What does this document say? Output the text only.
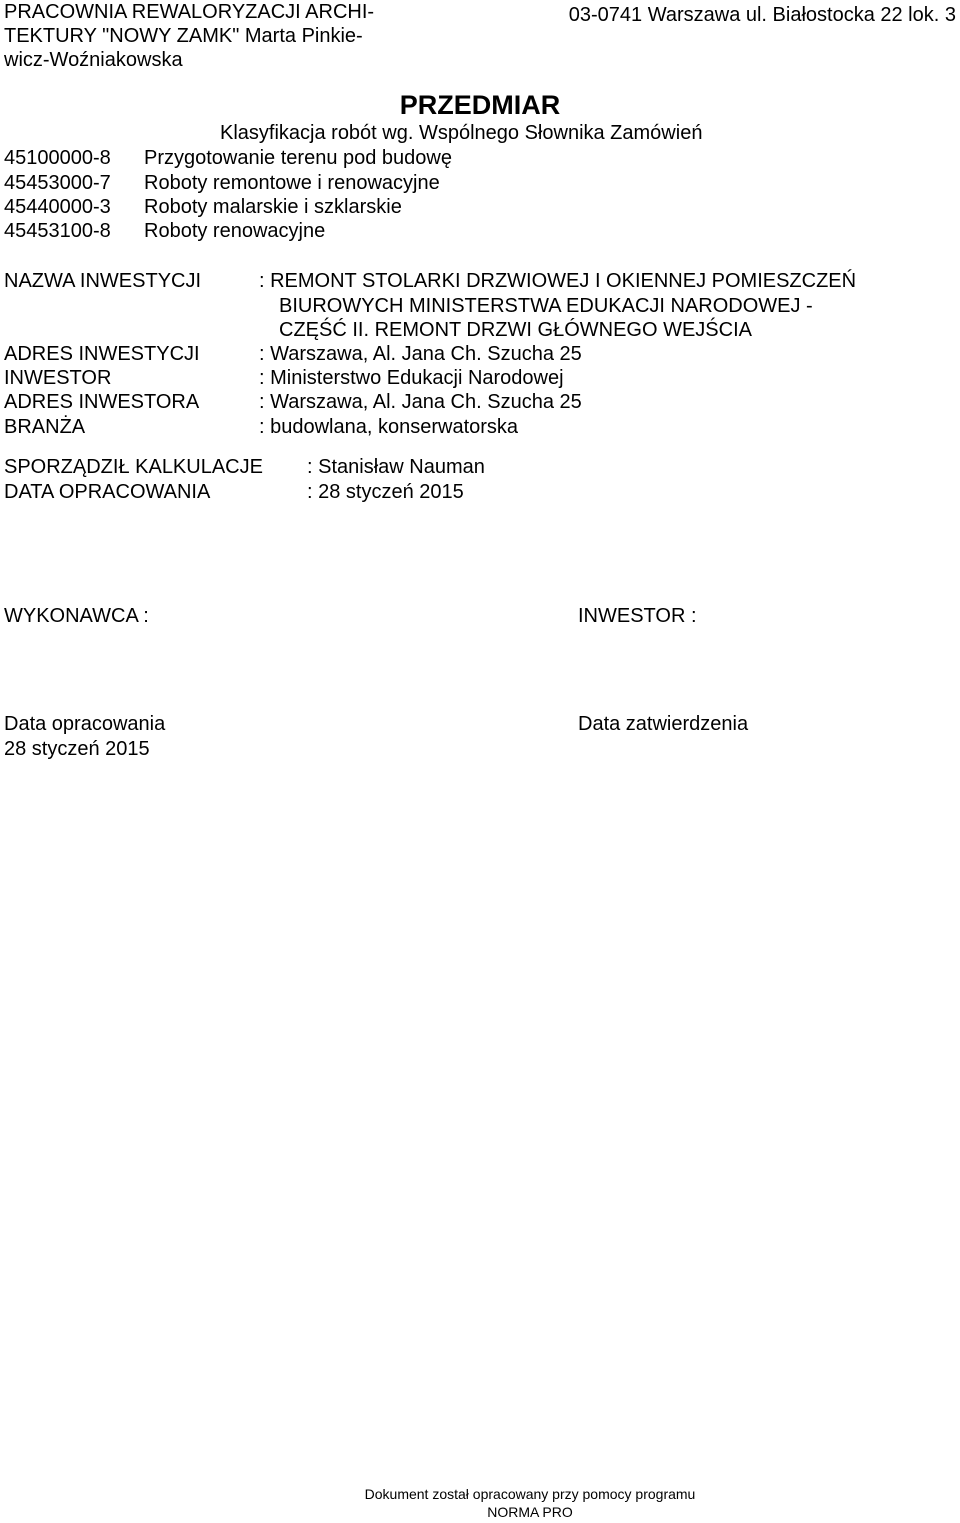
PRACOWNIA REWALORYZACJI ARCHI-
TEKTURY "NOWY ZAMK" Marta Pinkie-
wicz-Woźniakowska
03-0741 Warszawa ul. Białostocka 22 lok. 3
PRZEDMIAR
Klasyfikacja robót wg. Wspólnego Słownika Zamówień
45100000-8 Przygotowanie terenu pod budowę
45453000-7 Roboty remontowe i renowacyjne
45440000-3 Roboty malarskie i szklarskie
45453100-8 Roboty renowacyjne
NAZWA INWESTYCJI	: REMONT STOLARKI DRZWIOWEJ I OKIENNEJ POMIESZCZEŃ
BIUROWYCH MINISTERSTWA EDUKACJI NARODOWEJ -
CZĘŚĆ II. REMONT DRZWI GŁÓWNEGO WEJŚCIA
ADRES INWESTYCJI	: Warszawa, Al. Jana Ch. Szucha 25
INWESTOR	: Ministerstwo Edukacji Narodowej
ADRES INWESTORA	: Warszawa, Al. Jana Ch. Szucha 25
BRANŻA	: budowlana, konserwatorska
SPORZĄDZIŁ KALKULACJE : Stanisław Nauman
DATA OPRACOWANIA	: 28 styczeń 2015
WYKONAWCA :	INWESTOR :
Data opracowania
28 styczeń 2015
Data zatwierdzenia
Dokument został opracowany przy pomocy programu
NORMA PRO
